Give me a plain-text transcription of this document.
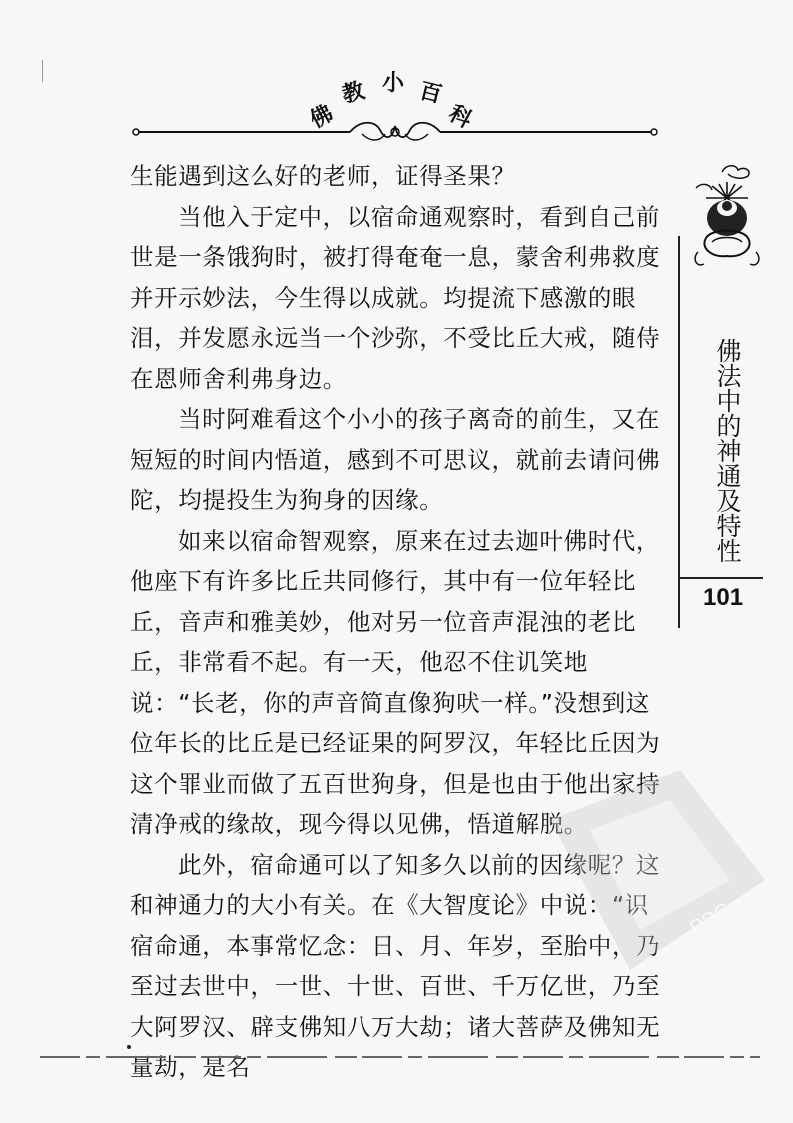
佛
教 小 百
科

生能遇到这么好的老师，证得圣果？

当他入于定中，以宿命通观察时，看到自己前世是一条饿狗时，被打得奄奄一息，蒙舍利弗救度并开示妙法，今生得以成就。均提流下感激的眼泪，并发愿永远当一个沙弥，不受比丘大戒，随侍在恩师舍利弗身边。

当时阿难看这个小小的孩子离奇的前生，又在短短的时间内悟道，感到不可思议，就前去请问佛陀，均提投生为狗身的因缘。

如来以宿命智观察，原来在过去迦叶佛时代，他座下有许多比丘共同修行，其中有一位年轻比丘，音声和雅美妙，他对另一位音声混浊的老比丘，非常看不起。有一天，他忍不住讥笑地说：“长老，你的声音简直像狗吠一样。”没想到这位年长的比丘是已经证果的阿罗汉，年轻比丘因为这个罪业而做了五百世狗身，但是也由于他出家持清净戒的缘故，现今得以见佛，悟道解脱。

此外，宿命通可以了知多久以前的因缘呢？这和神通力的大小有关。在《大智度论》中说：“识宿命通，本事常忆念：日、月、年岁，至胎中，乃至过去世中，一世、十世、百世、千万亿世，乃至大阿罗汉、辟支佛知八万大劫；诸大菩萨及佛知无量劫，是名

佛法中的神通及特性
101
PDG
